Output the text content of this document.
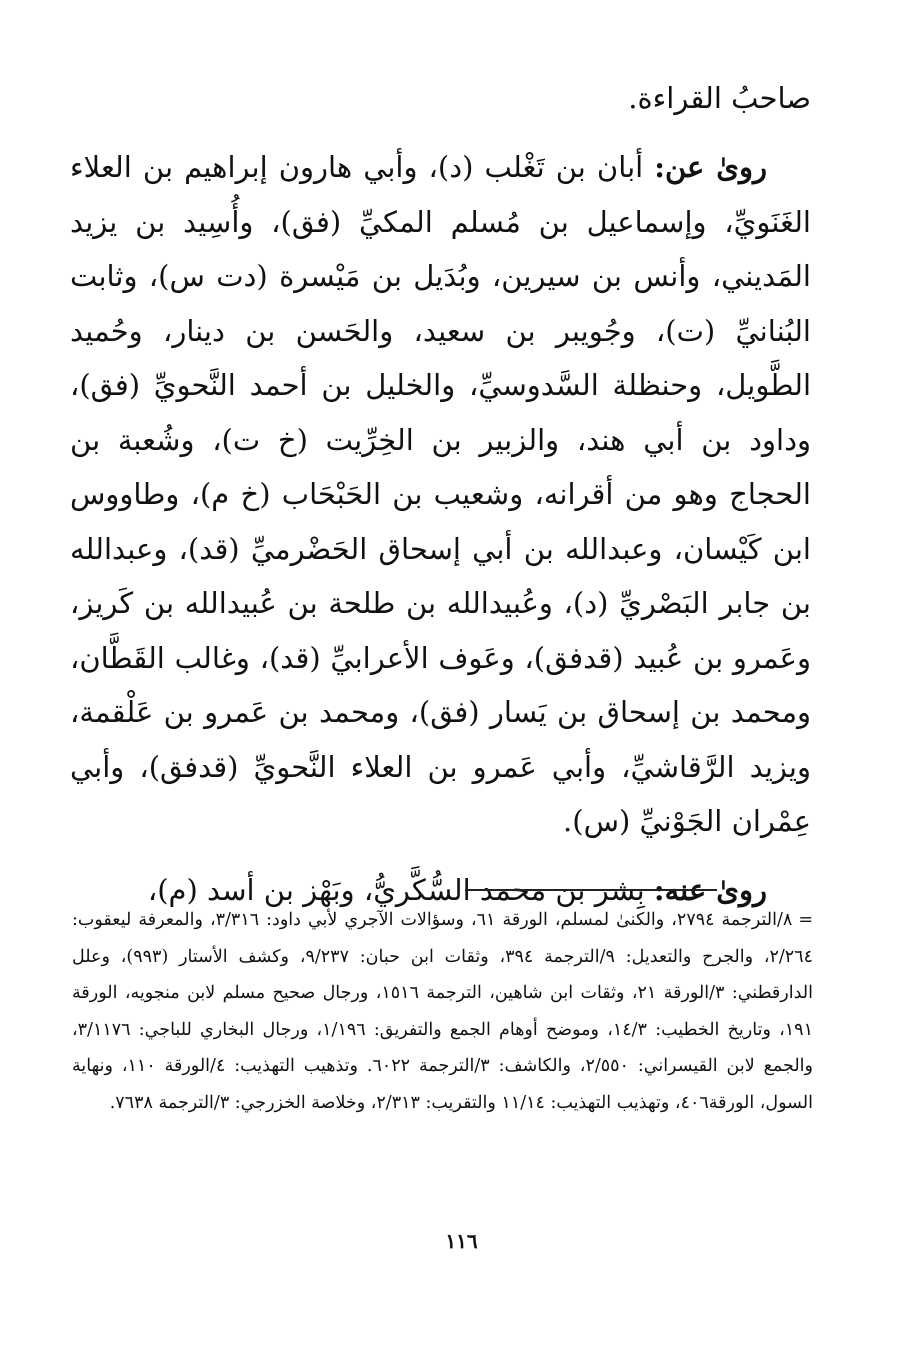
صاحبُ القراءة.

روىٰ عن: أبان بن تَغْلب (د)، وأبي هارون إبراهيم بن العلاء الغَنَويِّ، وإسماعيل بن مُسلم المكيِّ (فق)، وأُسِيد بن يزيد المَديني، وأنس بن سيرين، وبُدَيل بن مَيْسرة (دت س)، وثابت البُنانيِّ (ت)، وجُويبر بن سعيد، والحَسن بن دينار، وحُميد الطَّويل، وحنظلة السَّدوسيِّ، والخليل بن أحمد النَّحويِّ (فق)، وداود بن أبي هند، والزبير بن الخِرِّيت (خ ت)، وشُعبة بن الحجاج وهو من أقرانه، وشعيب بن الحَبْحَاب (خ م)، وطاووس ابن كَيْسان، وعبدالله بن أبي إسحاق الحَضْرميِّ (قد)، وعبدالله بن جابر البَصْريِّ (د)، وعُبيدالله بن طلحة بن عُبيدالله بن كَريز، وعَمرو بن عُبيد (قدفق)، وعَوف الأعرابيِّ (قد)، وغالب القَطَّان، ومحمد بن إسحاق بن يَسار (فق)، ومحمد بن عَمرو بن عَلْقمة، ويزيد الرَّقاشيِّ، وأبي عَمرو بن العلاء النَّحويِّ (قدفق)، وأبي عِمْران الجَوْنيِّ (س).

روىٰ عنه: بِشر بن محمد السُّكَّريُّ، وبَهْز بن أسد (م)،

=٨/الترجمة ٢٧٩٤، والكنىٰ لمسلم، الورقة ٦١، وسؤالات الآجري لأبي داود: ٣/٣١٦، والمعرفة ليعقوب: ٢/٢٦٤، والجرح والتعديل: ٩/الترجمة ٣٩٤، وثقات ابن حبان: ٩/٢٣٧، وكشف الأستار (٩٩٣)، وعلل الدارقطني: ٣/الورقة ٢١، وثقات ابن شاهين، الترجمة ١٥١٦، ورجال صحيح مسلم لابن منجويه، الورقة ١٩١، وتاريخ الخطيب: ١٤/٣، وموضح أوهام الجمع والتفريق: ١/١٩٦، ورجال البخاري للباجي: ٣/١١٧٦، والجمع لابن القيسراني: ٢/٥٥٠، والكاشف: ٣/الترجمة ٦٠٢٢. وتذهيب التهذيب: ٤/الورقة ١١٠، ونهاية السول، الورقة٤٠٦، وتهذيب التهذيب: ١١/١٤ والتقريب: ٢/٣١٣، وخلاصة الخزرجي: ٣/الترجمة ٧٦٣٨.
١١٦
